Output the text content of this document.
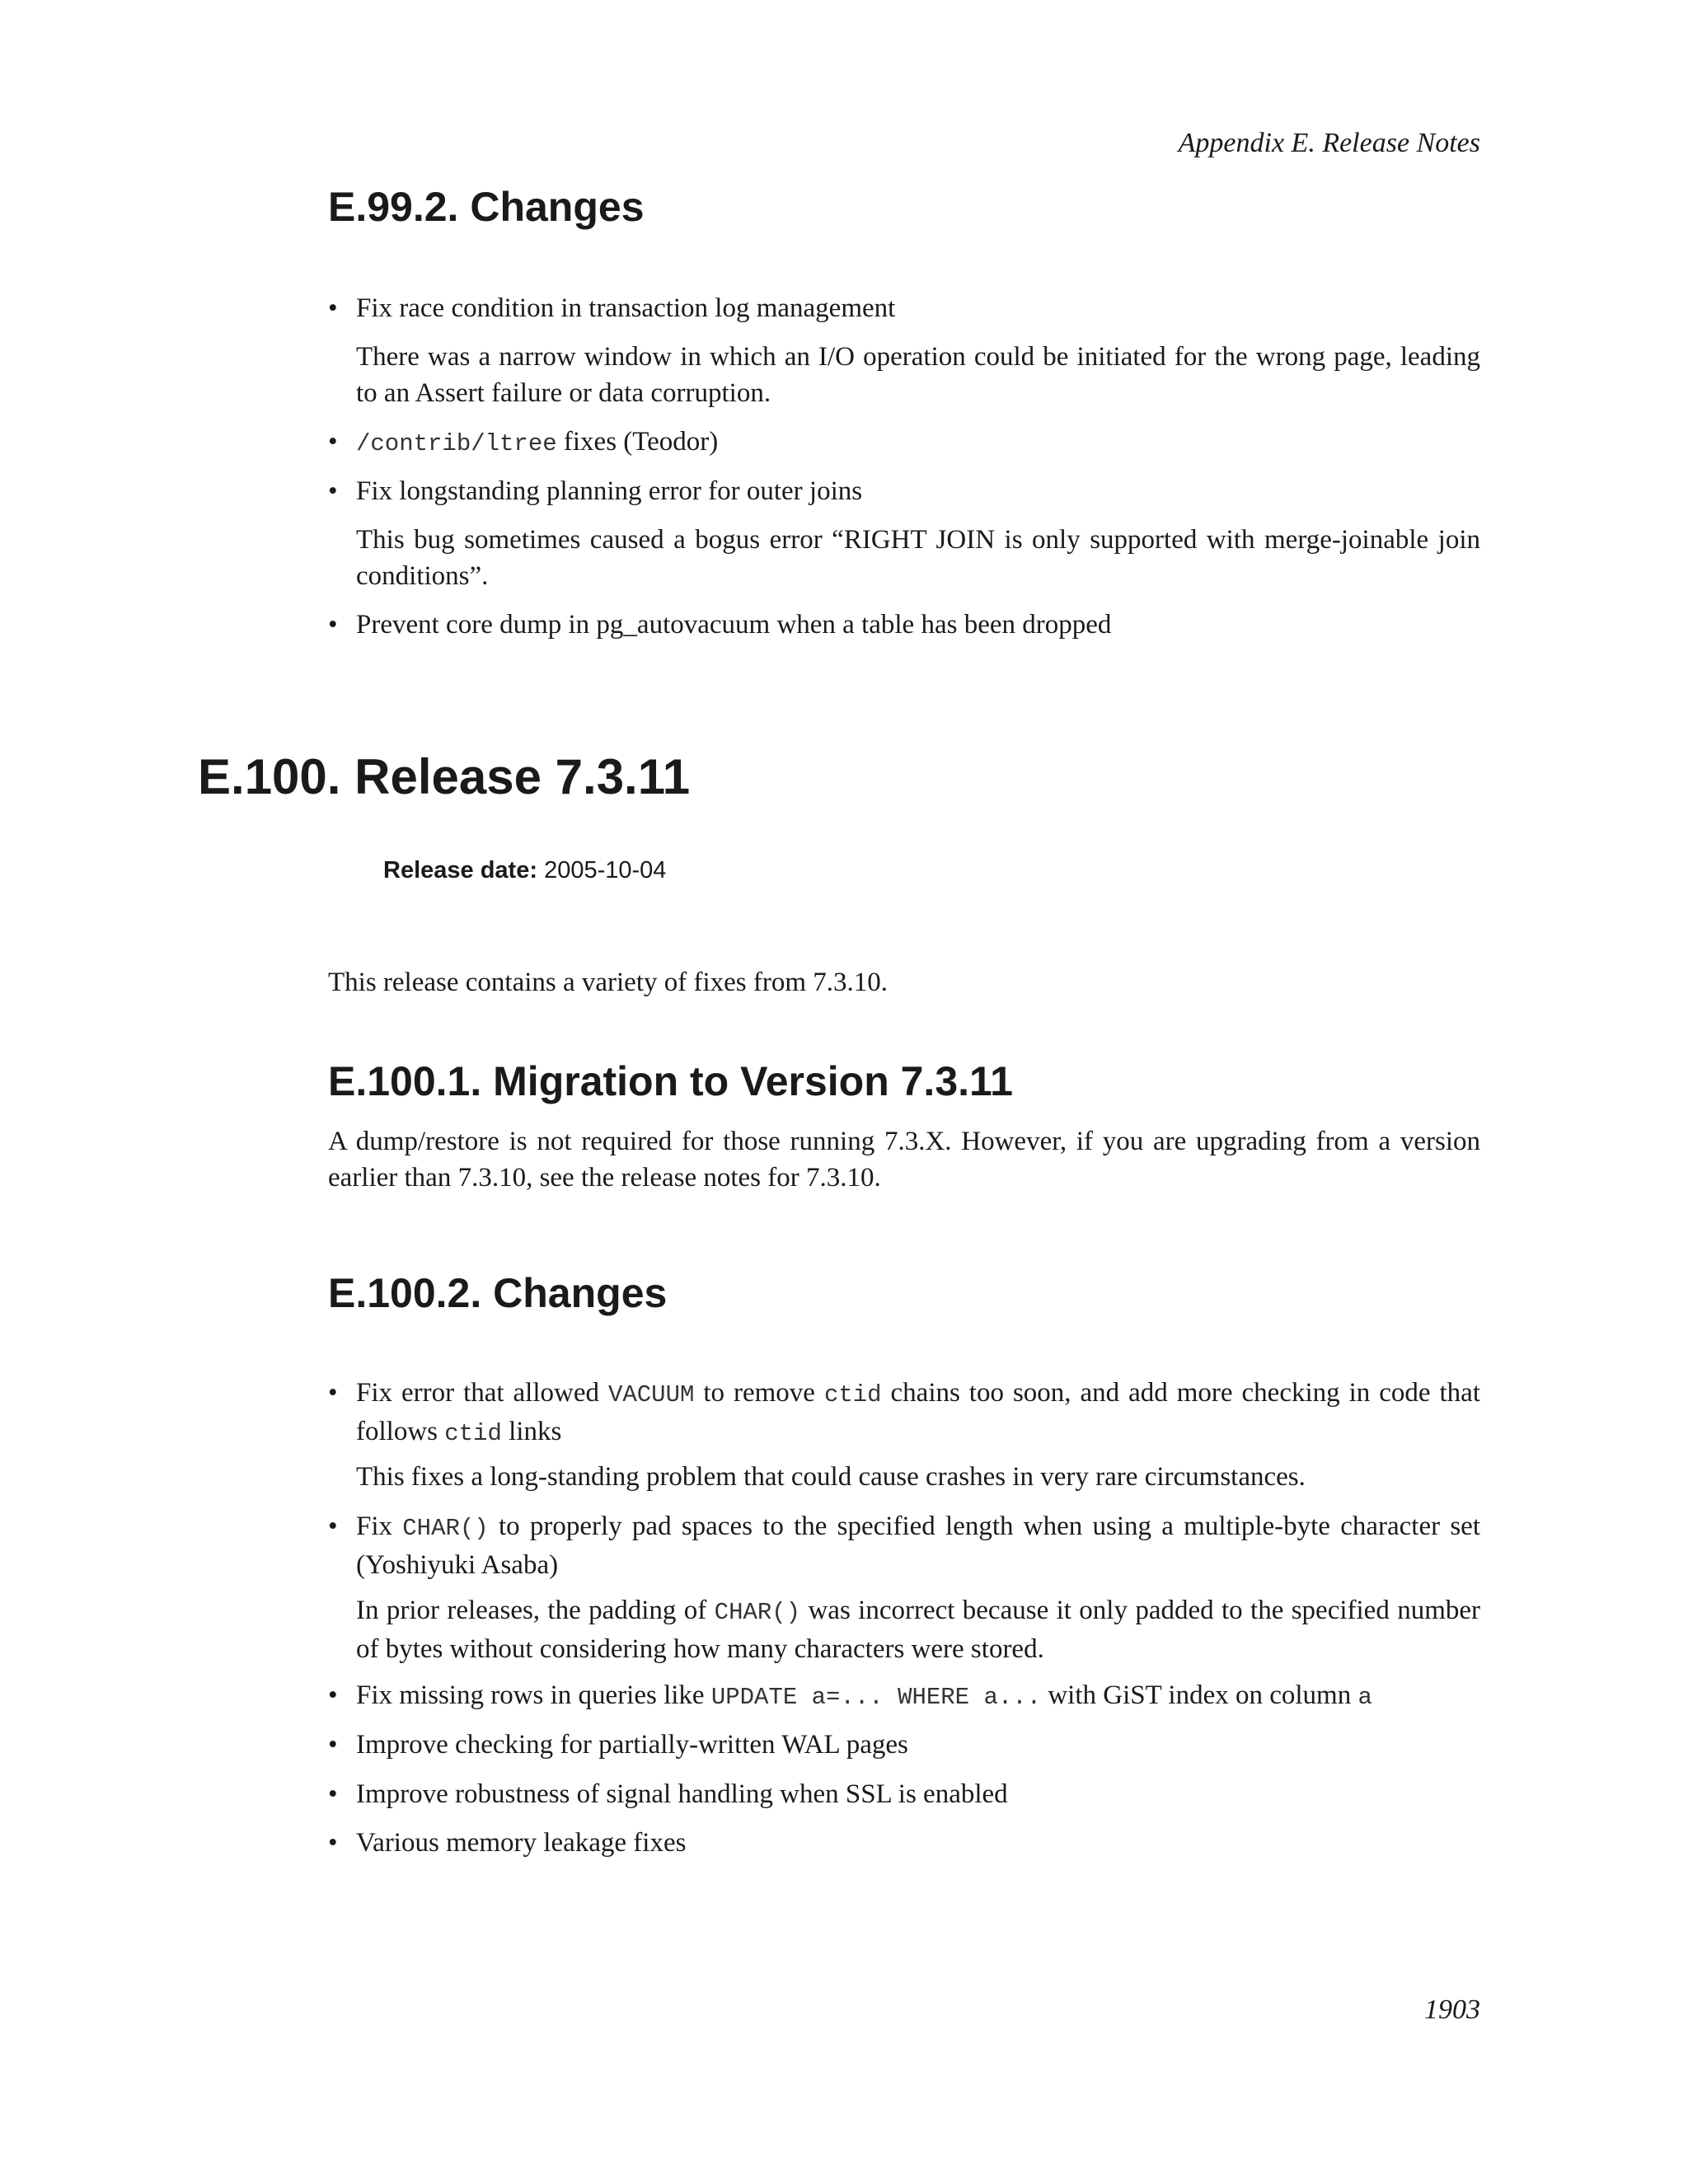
Appendix E. Release Notes
E.99.2. Changes
• Fix race condition in transaction log management
There was a narrow window in which an I/O operation could be initiated for the wrong page, leading to an Assert failure or data corruption.
• /contrib/ltree fixes (Teodor)
• Fix longstanding planning error for outer joins
This bug sometimes caused a bogus error “RIGHT JOIN is only supported with merge-joinable join conditions”.
• Prevent core dump in pg_autovacuum when a table has been dropped
E.100. Release 7.3.11
Release date: 2005-10-04
This release contains a variety of fixes from 7.3.10.
E.100.1. Migration to Version 7.3.11
A dump/restore is not required for those running 7.3.X. However, if you are upgrading from a version earlier than 7.3.10, see the release notes for 7.3.10.
E.100.2. Changes
• Fix error that allowed VACUUM to remove ctid chains too soon, and add more checking in code that follows ctid links
This fixes a long-standing problem that could cause crashes in very rare circumstances.
• Fix CHAR() to properly pad spaces to the specified length when using a multiple-byte character set (Yoshiyuki Asaba)
In prior releases, the padding of CHAR() was incorrect because it only padded to the specified number of bytes without considering how many characters were stored.
• Fix missing rows in queries like UPDATE a=... WHERE a... with GiST index on column a
• Improve checking for partially-written WAL pages
• Improve robustness of signal handling when SSL is enabled
• Various memory leakage fixes
1903
